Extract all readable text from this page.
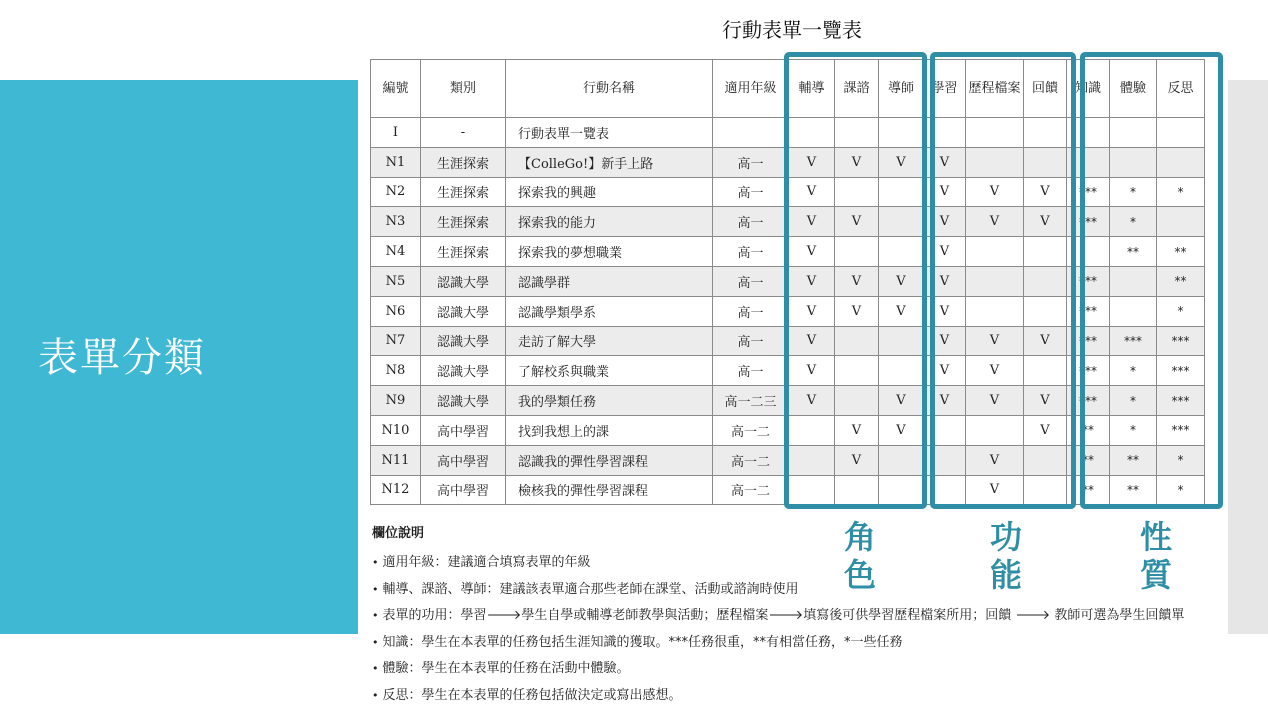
表單分類
行動表單一覽表
編號	類別	行動名稱	適用年級	輔導	課諮	導師	學習	歷程檔案	回饋	知識	體驗	反思
I	-	行動表單一覽表										
N1	生涯探索	【ColleGo!】新手上路	高一	V	V	V	V					
N2	生涯探索	探索我的興趣	高一	V			V	V	V	***	*	*
N3	生涯探索	探索我的能力	高一	V	V		V	V	V	***	*	
N4	生涯探索	探索我的夢想職業	高一	V			V				**	**
N5	認識大學	認識學群	高一	V	V	V	V			***		**
N6	認識大學	認識學類學系	高一	V	V	V	V			***		*
N7	認識大學	走訪了解大學	高一	V			V	V	V	***	***	***
N8	認識大學	了解校系與職業	高一	V			V	V		***	*	***
N9	認識大學	我的學類任務	高一二三	V		V	V	V	V	***	*	***
N10	高中學習	找到我想上的課	高一二		V	V			V	**	*	***
N11	高中學習	認識我的彈性學習課程	高一二		V			V		**	**	*
N12	高中學習	檢核我的彈性學習課程	高一二					V		**	**	*
角色
功能
性質
欄位說明
• 適用年級：建議適合填寫表單的年級
• 輔導、課諮、導師：建議該表單適合那些老師在課堂、活動或諮詢時使用
• 表單的功用：學習🡒學生自學或輔導老師教學與活動；歷程檔案🡒填寫後可供學習歷程檔案所用；回饋 🡒 教師可選為學生回饋單
• 知識：學生在本表單的任務包括生涯知識的獲取。***任務很重，**有相當任務，*一些任務
• 體驗：學生在本表單的任務在活動中體驗。
• 反思：學生在本表單的任務包括做決定或寫出感想。
